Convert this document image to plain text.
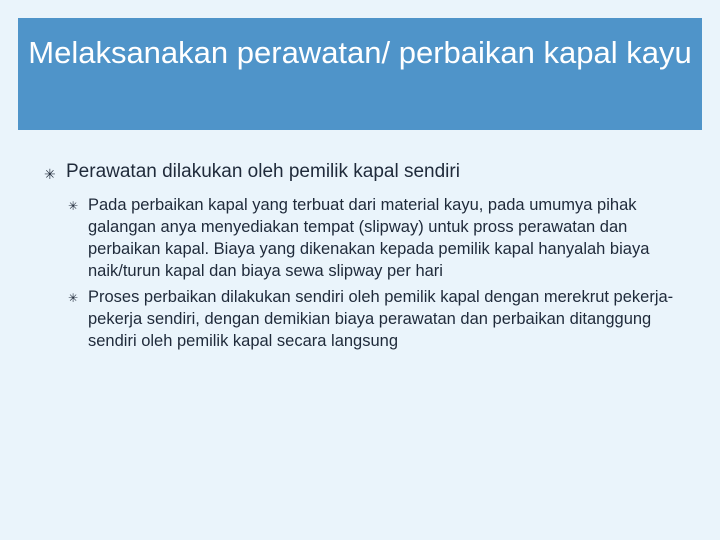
Melaksanakan perawatan/ perbaikan kapal kayu
✳ Perawatan dilakukan oleh pemilik kapal sendiri
✳ Pada perbaikan kapal yang terbuat dari material kayu, pada umumya pihak galangan anya menyediakan tempat (slipway) untuk pross perawatan dan perbaikan kapal. Biaya yang dikenakan kepada pemilik kapal hanyalah biaya naik/turun kapal dan biaya sewa slipway per hari
✳ Proses perbaikan dilakukan sendiri oleh pemilik kapal dengan merekrut pekerja-pekerja sendiri, dengan demikian biaya perawatan dan perbaikan ditanggung sendiri oleh pemilik kapal secara langsung
